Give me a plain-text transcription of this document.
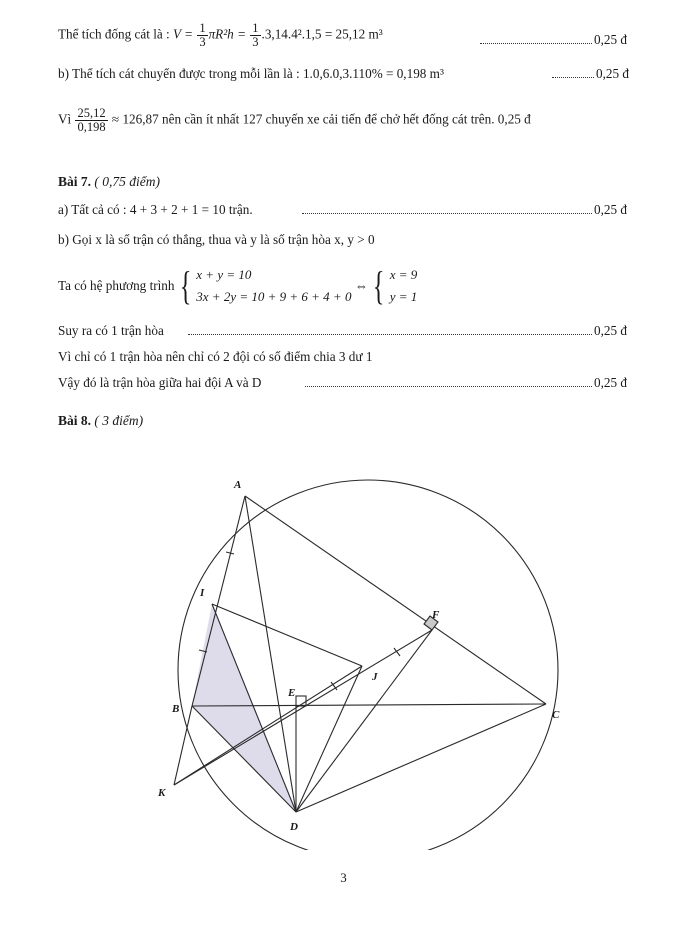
Thể tích đống cát là : $V = \frac{1}{3} \pi R^2h = \frac{1}{3} .3,14.4^2.1,5 = 25,12$ m³	0,25 đ
b) Thể tích cát chuyển được trong mỗi lần là : 1.0,6.0,3.110% = 0,198 m³	0,25 đ
Vì $\frac{25,12}{0,198} \approx 126,87$ nên cần ít nhất 127 chuyến xe cải tiến để chở hết đống cát trên. 0,25 đ
Bài 7. ( 0,75 điểm)
a) Tất cả có : 4 + 3 + 2 + 1 = 10 trận.	0,25 đ
b) Gọi x là số trận có thắng, thua và y là số trận hòa x, y > 0
Ta có hệ phương trình { x + y = 10
3x + 2y = 10 + 9 + 6 + 4 + 0
⇔ { x = 9
y = 1
Suy ra có 1 trận hòa	0,25 đ
Vì chỉ có 1 trận hòa nên chỉ có 2 đội có số điểm chia 3 dư 1
Vậy đó là trận hòa giữa hai đội A và D	0,25 đ
Bài 8. ( 3 điểm)
A
I
F
J
E
B	C
K
D
3
